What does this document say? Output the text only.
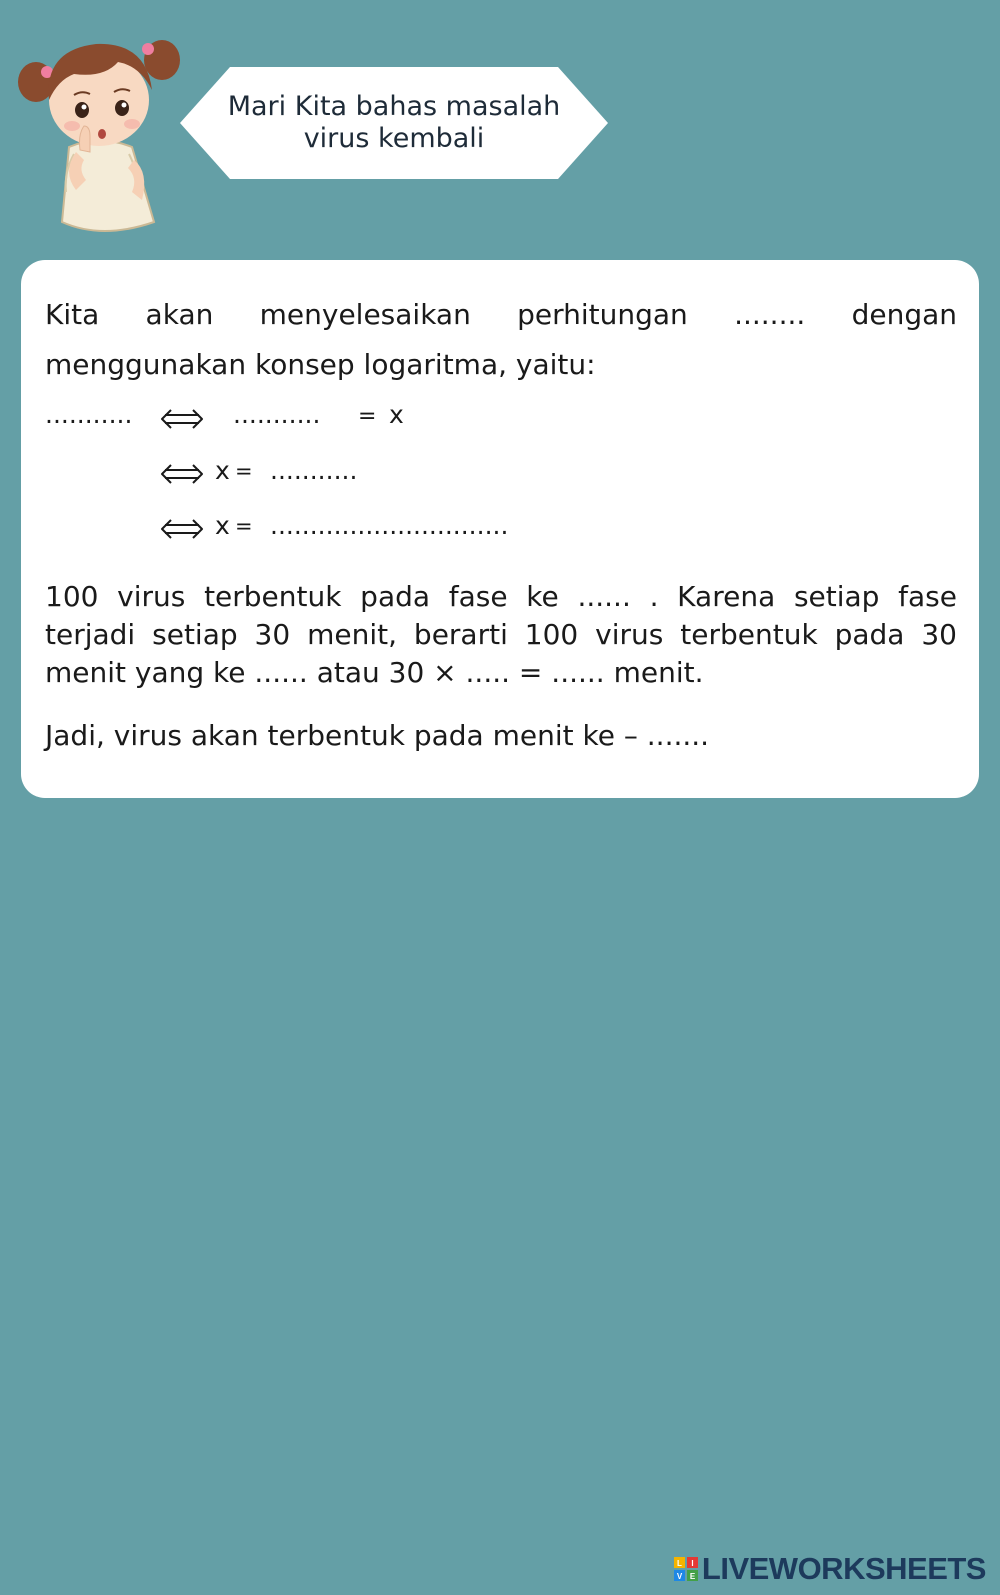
Mari Kita bahas masalah
virus kembali

Kita akan menyelesaikan perhitungan ........ dengan menggunakan konsep logaritma, yaitu:

...........	........... = x
x = ...........
x = ..............................

100 virus terbentuk pada fase ke ...... . Karena setiap fase terjadi setiap 30 menit, berarti 100 virus terbentuk pada 30 menit yang ke ...... atau 30 × ..... = ...... menit.

Jadi, virus akan terbentuk pada menit ke – .......

L I
V E LIVEWORKSHEETS
